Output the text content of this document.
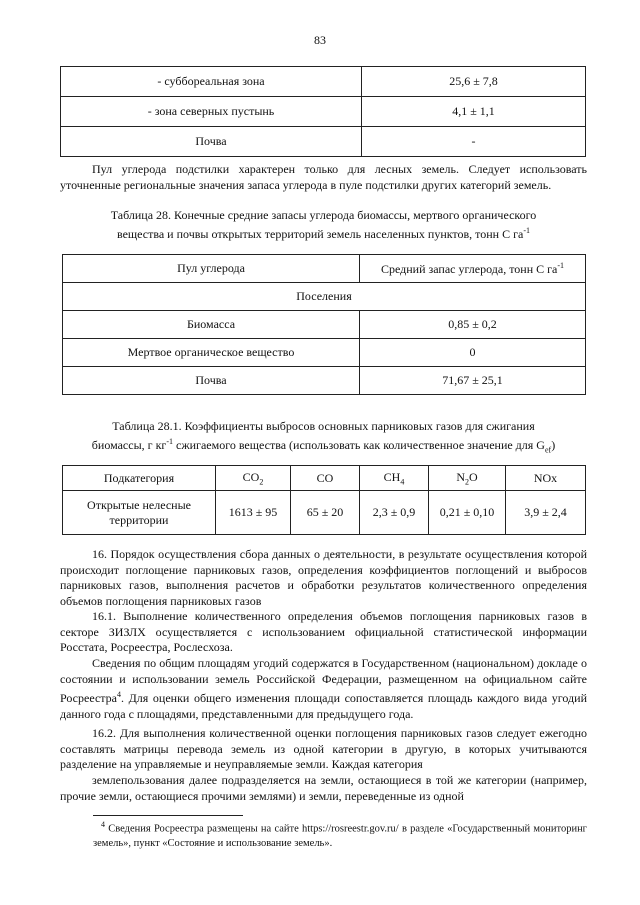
83
- суббореальная зона	25,6 ± 7,8
- зона северных пустынь	4,1 ± 1,1
Почва	-

Пул углерода подстилки характерен только для лесных земель. Следует использовать уточненные региональные значения запаса углерода в пуле подстилки других категорий земель.

Таблица 28. Конечные средние запасы углерода биомассы, мертвого органического
вещества и почвы открытых территорий земель населенных пунктов, тонн С $га^{-1}$

Пул углерода	Средний запас углерода, тонн С $га^{-1}$
Поселения	
Биомасса	0,85 ± 0,2
Мертвое органическое вещество	0
Почва	71,67 ± 25,1

Таблица 28.1. Коэффициенты выбросов основных парниковых газов для сжигания
биомассы, г $кг^{-1}$ сжигаемого вещества (использовать как количественное значение для $G_{ef}$)

Подкатегория	$CO_2$	CO	$CH_4$	$N_2O$	NOx
Открытые нелесные территории	1613 ± 95	65 ± 20	2,3 ± 0,9	0,21 ± 0,10	3,9 ± 2,4

16. Порядок осуществления сбора данных о деятельности, в результате осуществления которой происходит поглощение парниковых газов, определения коэффициентов поглощений и выбросов парниковых газов, выполнения расчетов и обработки результатов количественного определения объемов поглощения парниковых газов

16.1. Выполнение количественного определения объемов поглощения парниковых газов в секторе ЗИЗЛХ осуществляется с использованием официальной статистической информации Росстата, Росреестра, Рослесхоза.

Сведения по общим площадям угодий содержатся в Государственном (национальном) докладе о состоянии и использовании земель Российской Федерации, размещенном на официальном сайте Росреестра$^4$. Для оценки общего изменения площади сопоставляется площадь каждого вида угодий данного года с площадями, представленными для предыдущего года.

16.2. Для выполнения количественной оценки поглощения парниковых газов следует ежегодно составлять матрицы перевода земель из одной категории в другую, в которых учитываются разделение на управляемые и неуправляемые земли. Каждая категория

землепользования далее подразделяется на земли, остающиеся в той же категории (например, прочие земли, остающиеся прочими землями) и земли, переведенные из одной

$^4$ Сведения Росреестра размещены на сайте https://rosreestr.gov.ru/ в разделе «Государственный мониторинг земель», пункт «Состояние и использование земель».
